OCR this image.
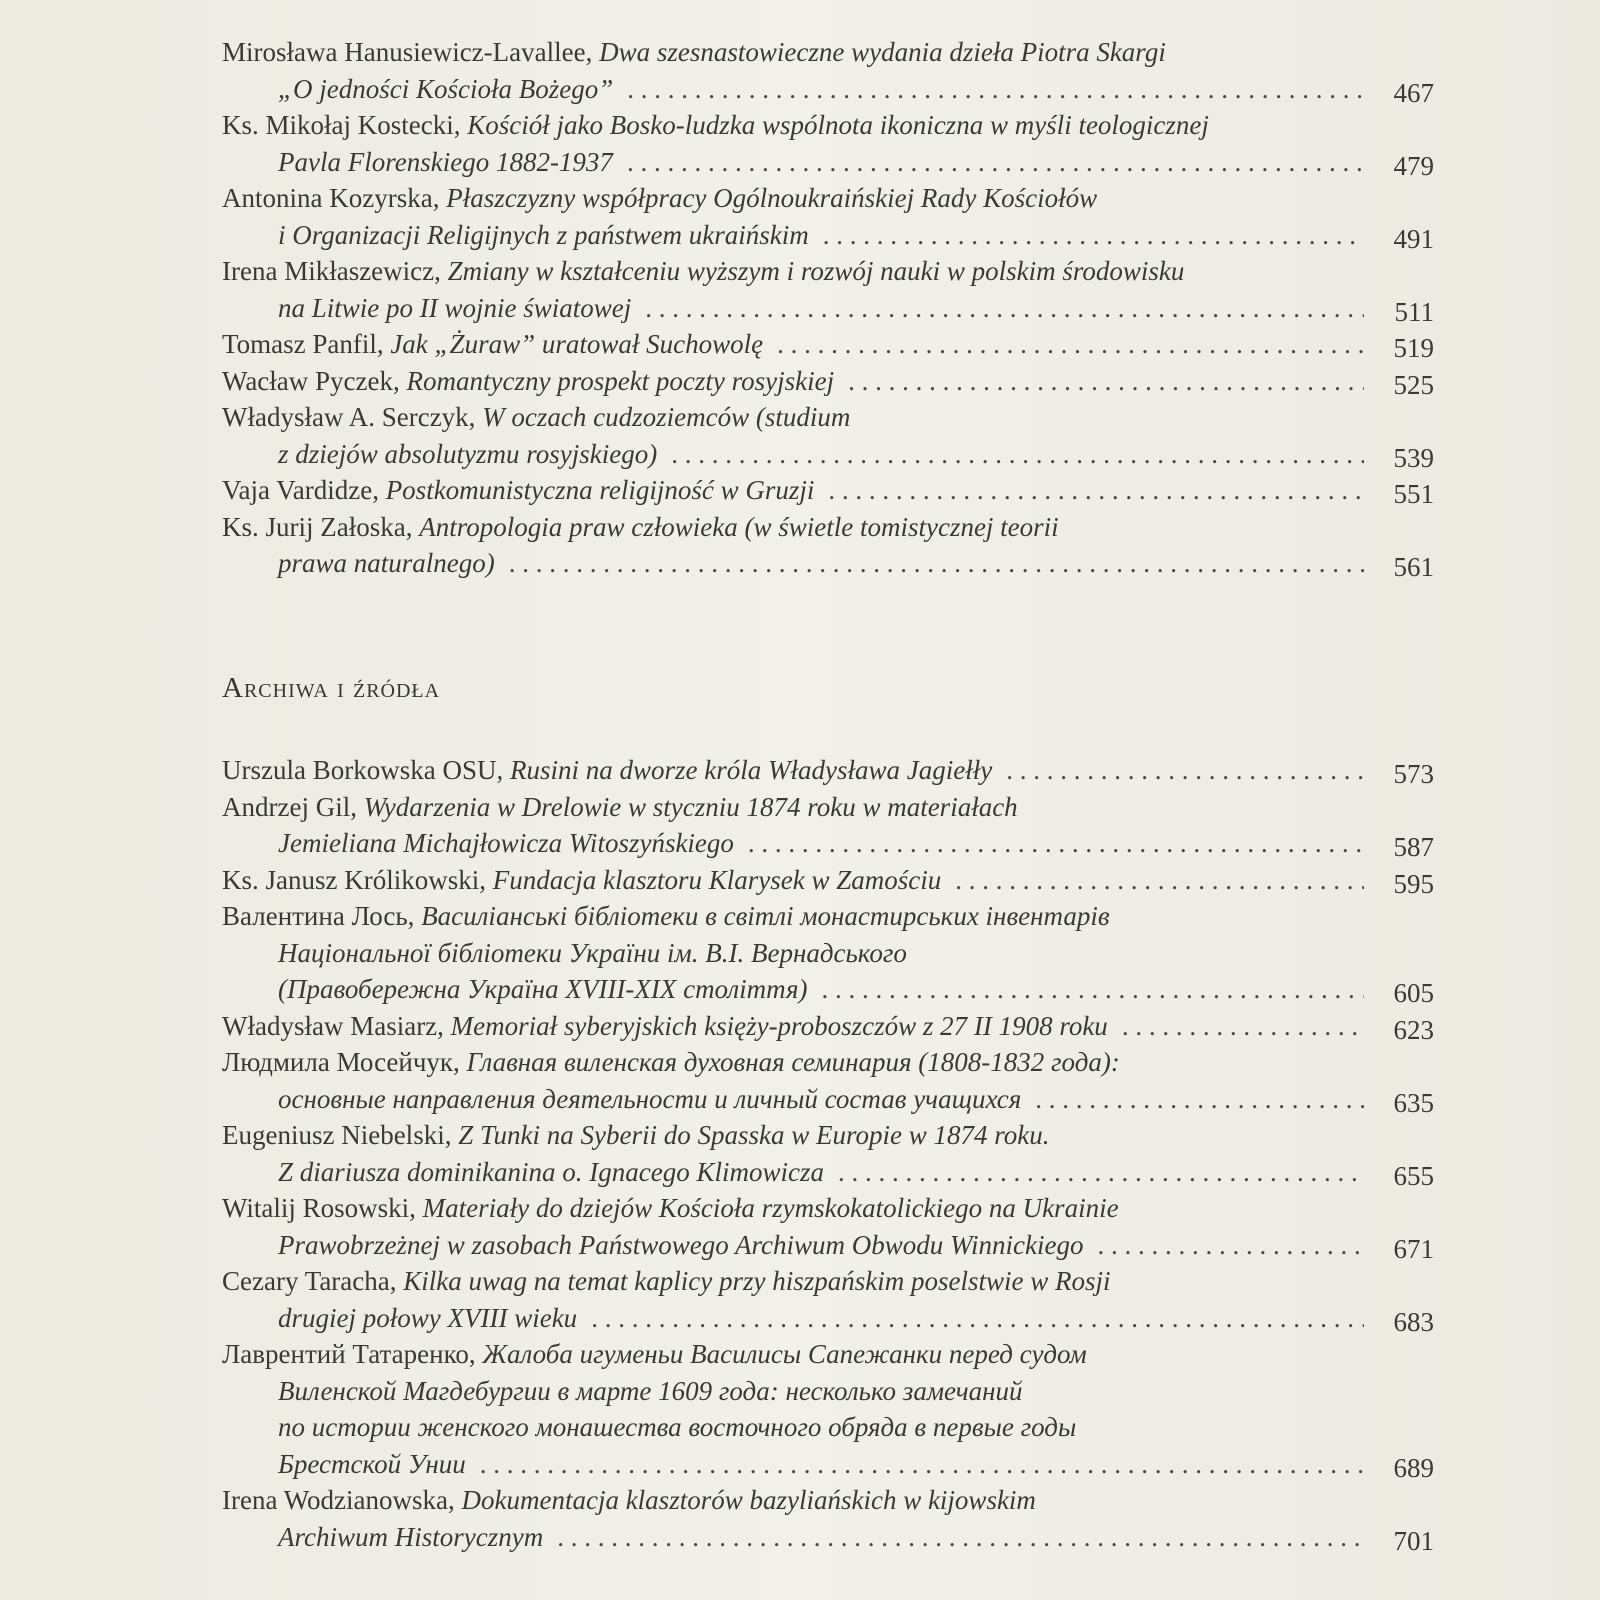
Mirosława Hanusiewicz-Lavallee, Dwa szesnastowieczne wydania dzieła Piotra Skargi
„O jedności Kościoła Bożego” . . .	467
Ks. Mikołaj Kostecki, Kościół jako Bosko-ludzka wspólnota ikoniczna w myśli teologicznej
Pavla Florenskiego 1882-1937 . . .	479
Antonina Kozyrska, Płaszczyzny współpracy Ogólnoukraińskiej Rady Kościołów
i Organizacji Religijnych z państwem ukraińskim . . .	491
Irena Mikłaszewicz, Zmiany w kształceniu wyższym i rozwój nauki w polskim środowisku
na Litwie po II wojnie światowej . . .	511
Tomasz Panfil, Jak „Żuraw” uratował Suchowolę . . .	519
Wacław Pyczek, Romantyczny prospekt poczty rosyjskiej . . .	525
Władysław A. Serczyk, W oczach cudzoziemców (studium
z dziejów absolutyzmu rosyjskiego) . . .	539
Vaja Vardidze, Postkomunistyczna religijność w Gruzji . . .	551
Ks. Jurij Załoska, Antropologia praw człowieka (w świetle tomistycznej teorii
prawa naturalnego) . . .	561
Archiwa i źródła
Urszula Borkowska OSU, Rusini na dworze króla Władysława Jagiełły . . .	573
Andrzej Gil, Wydarzenia w Drelowie w styczniu 1874 roku w materiałach
Jemieliana Michajłowicza Witoszyńskiego . . .	587
Ks. Janusz Królikowski, Fundacja klasztoru Klarysek w Zamościu . . .	595
Валентина Лось, Василіанські бібліотеки в світлі монастирських інвентарів
Національної бібліотеки України ім. В.І. Вернадського
(Правобережна Україна XVIII-XIX століття) . . .	605
Władysław Masiarz, Memoriał syberyjskich księży-proboszczów z 27 II 1908 roku . . .	623
Людмила Мосейчук, Главная виленская духовная семинария (1808-1832 года):
основные направления деятельности и личный состав учащихся . . .	635
Eugeniusz Niebelski, Z Tunki na Syberii do Spasska w Europie w 1874 roku.
Z diariusza dominikanina o. Ignacego Klimowicza . . .	655
Witalij Rosowski, Materiały do dziejów Kościoła rzymskokatolickiego na Ukrainie
Prawobrzeżnej w zasobach Państwowego Archiwum Obwodu Winnickiego . . .	671
Cezary Taracha, Kilka uwag na temat kaplicy przy hiszpańskim poselstwie w Rosji
drugiej połowy XVIII wieku . . .	683
Лаврентий Татаренко, Жалоба игуменьи Василисы Сапежанки перед судом
Виленской Магдебургии в марте 1609 года: несколько замечаний
по истории женского монашества восточного обряда в первые годы
Брестской Унии . . .	689
Irena Wodzianowska, Dokumentacja klasztorów bazyliańskich w kijowskim
Archiwum Historycznym . . .	701
